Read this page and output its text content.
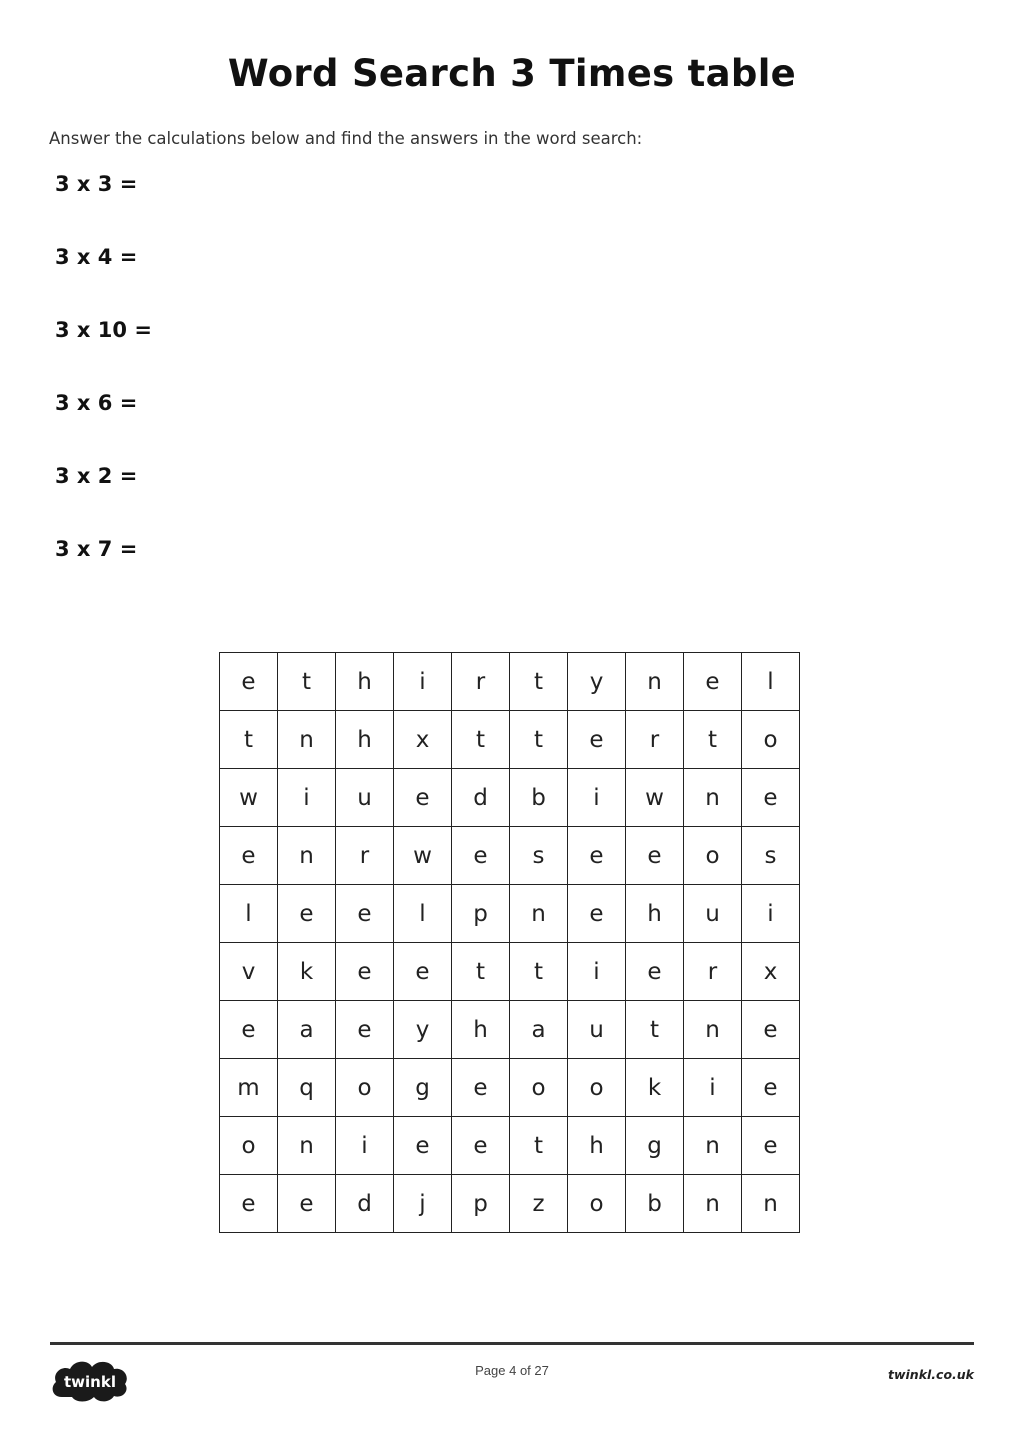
Word Search 3 Times table
Answer the calculations below and find the answers in the word search:
3 x 3 =
3 x 4 =
3 x 10 =
3 x 6 =
3 x 2 =
3 x 7 =
e	t	h	i	r	t	y	n	e	l
t	n	h	x	t	t	e	r	t	o
w	i	u	e	d	b	i	w	n	e
e	n	r	w	e	s	e	e	o	s
l	e	e	l	p	n	e	h	u	i
v	k	e	e	t	t	i	e	r	x
e	a	e	y	h	a	u	t	n	e
m	q	o	g	e	o	o	k	i	e
o	n	i	e	e	t	h	g	n	e
e	e	d	j	p	z	o	b	n	n
twinkl
Page 4 of 27	twinkl.co.uk
